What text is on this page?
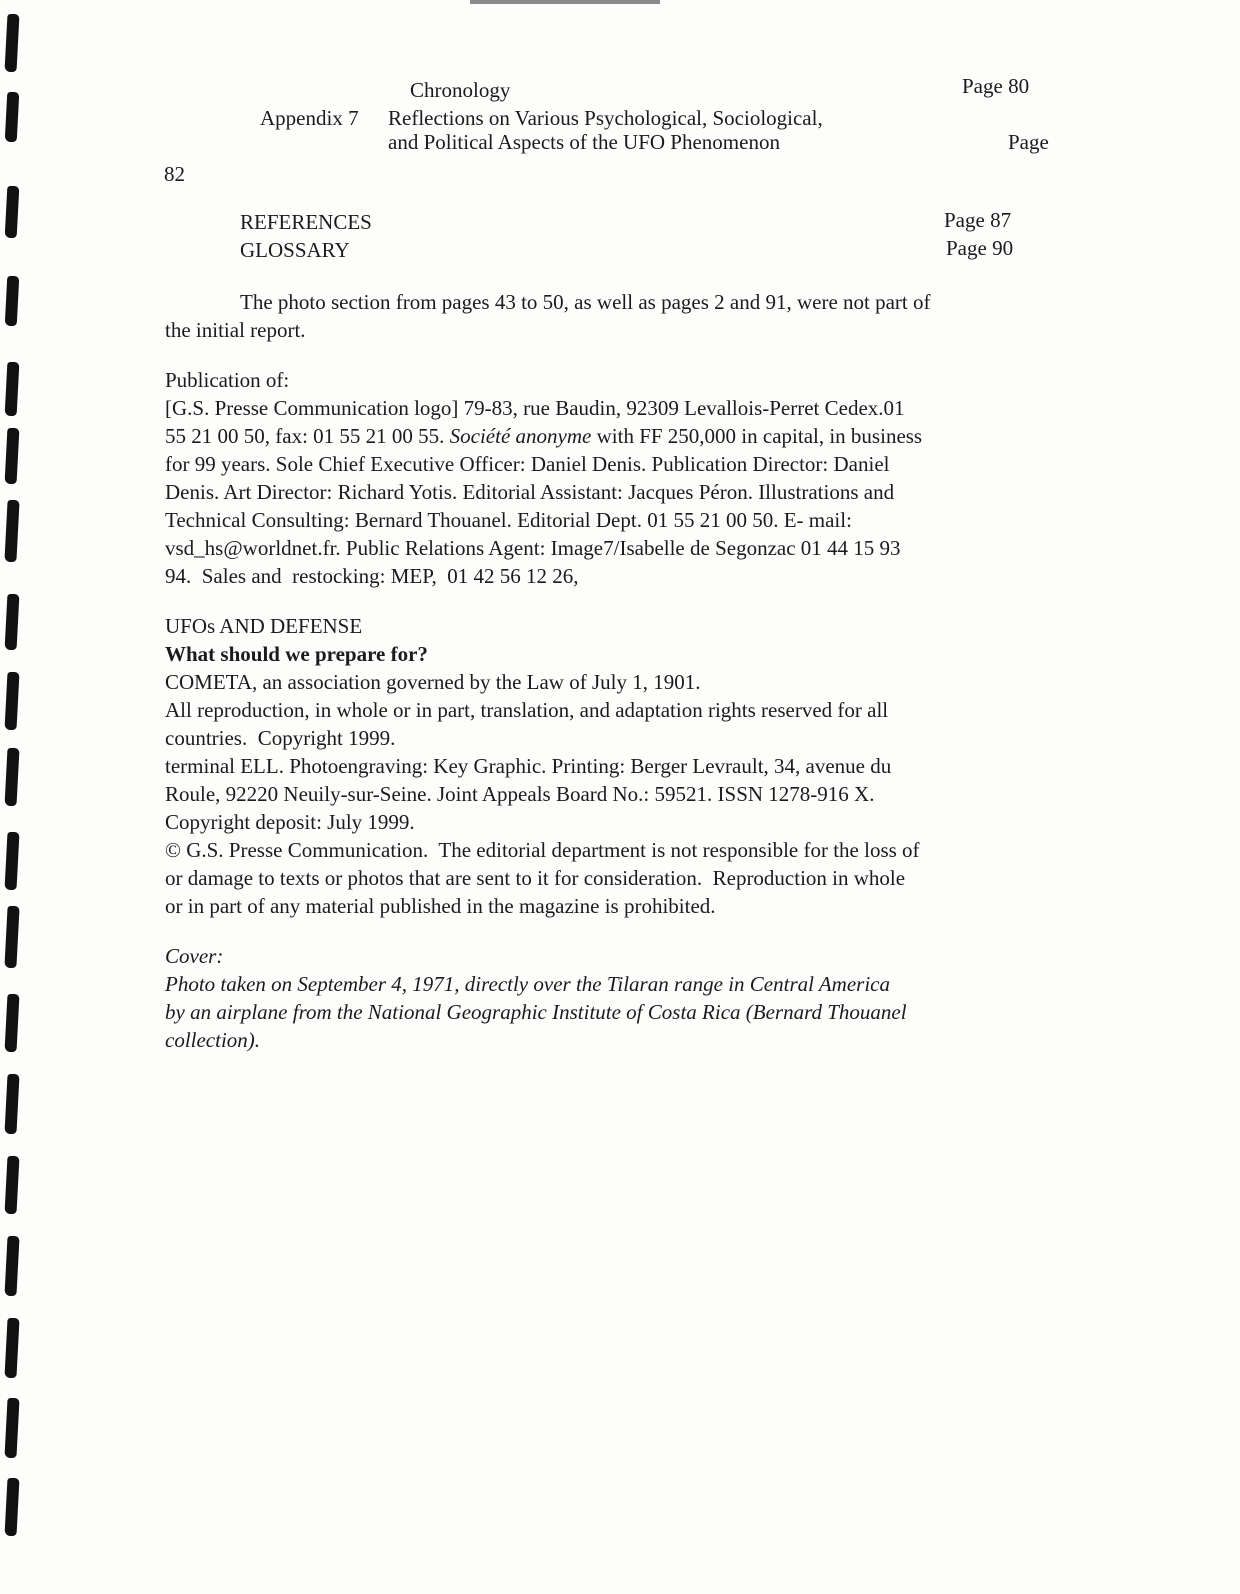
Chronology	Page 80
Appendix 7 Reflections on Various Psychological, Sociological,
and Political Aspects of the UFO Phenomenon	Page
82
REFERENCES	Page 87
GLOSSARY	Page 90
The photo section from pages 43 to 50, as well as pages 2 and 91, were not part of
the initial report.
Publication of:
[G.S. Presse Communication logo] 79-83, rue Baudin, 92309 Levallois-Perret Cedex.01
55 21 00 50, fax: 01 55 21 00 55. Société anonyme with FF 250,000 in capital, in business
for 99 years. Sole Chief Executive Officer: Daniel Denis. Publication Director: Daniel
Denis. Art Director: Richard Yotis. Editorial Assistant: Jacques Péron. Illustrations and
Technical Consulting: Bernard Thouanel. Editorial Dept. 01 55 21 00 50. E- mail:
vsd_hs@worldnet.fr. Public Relations Agent: Image7/Isabelle de Segonzac 01 44 15 93
94.  Sales and  restocking: MEP,  01 42 56 12 26,
UFOs AND DEFENSE
What should we prepare for?
COMETA, an association governed by the Law of July 1, 1901.
All reproduction, in whole or in part, translation, and adaptation rights reserved for all
countries.  Copyright 1999.
terminal ELL. Photoengraving: Key Graphic. Printing: Berger Levrault, 34, avenue du
Roule, 92220 Neuily-sur-Seine. Joint Appeals Board No.: 59521. ISSN 1278-916 X.
Copyright deposit: July 1999.
© G.S. Presse Communication.  The editorial department is not responsible for the loss of
or damage to texts or photos that are sent to it for consideration.  Reproduction in whole
or in part of any material published in the magazine is prohibited.
Cover:
Photo taken on September 4, 1971, directly over the Tilaran range in Central America
by an airplane from the National Geographic Institute of Costa Rica (Bernard Thouanel
collection).
